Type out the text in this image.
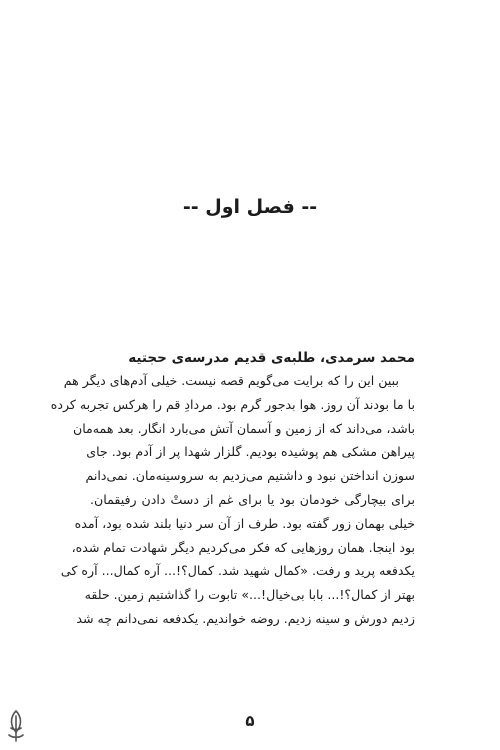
-- فصل اول --

محمد سرمدی، طلبه‌ی قدیم مدرسه‌ی حجتیه

ببین این را که برایت می‌گویم قصه نیست. خیلی آدم‌های دیگر هم

با ما بودند آن روز. هوا بدجور گرم بود. مردادِ قم را هرکس تجربه کرده

باشد، می‌داند که از زمین و آسمان آتش می‌بارد انگار. بعد همه‌مان

پیراهن مشکی هم پوشیده بودیم. گلزار شهدا پر از آدم بود. جای

سوزن انداختن نبود و داشتیم می‌زدیم به سروسینه‌مان. نمی‌دانم

برای بیچارگی خودمان بود یا برای غم از دستْ دادن رفیقمان.

خیلی بهمان زور گفته بود. طرف از آن سر دنیا بلند شده بود، آمده

بود اینجا. همان روزهایی که فکر می‌کردیم دیگر شهادت تمام شده،

یکدفعه پرید و رفت. «کمال شهید شد. کمال؟!... آره کمال... آره کی

بهتر از کمال؟!... بابا بی‌خیال!...» تابوت را گذاشتیم زمین. حلقه

زدیم دورش و سینه زدیم. روضه خواندیم. یکدفعه نمی‌دانم چه شد

۵
